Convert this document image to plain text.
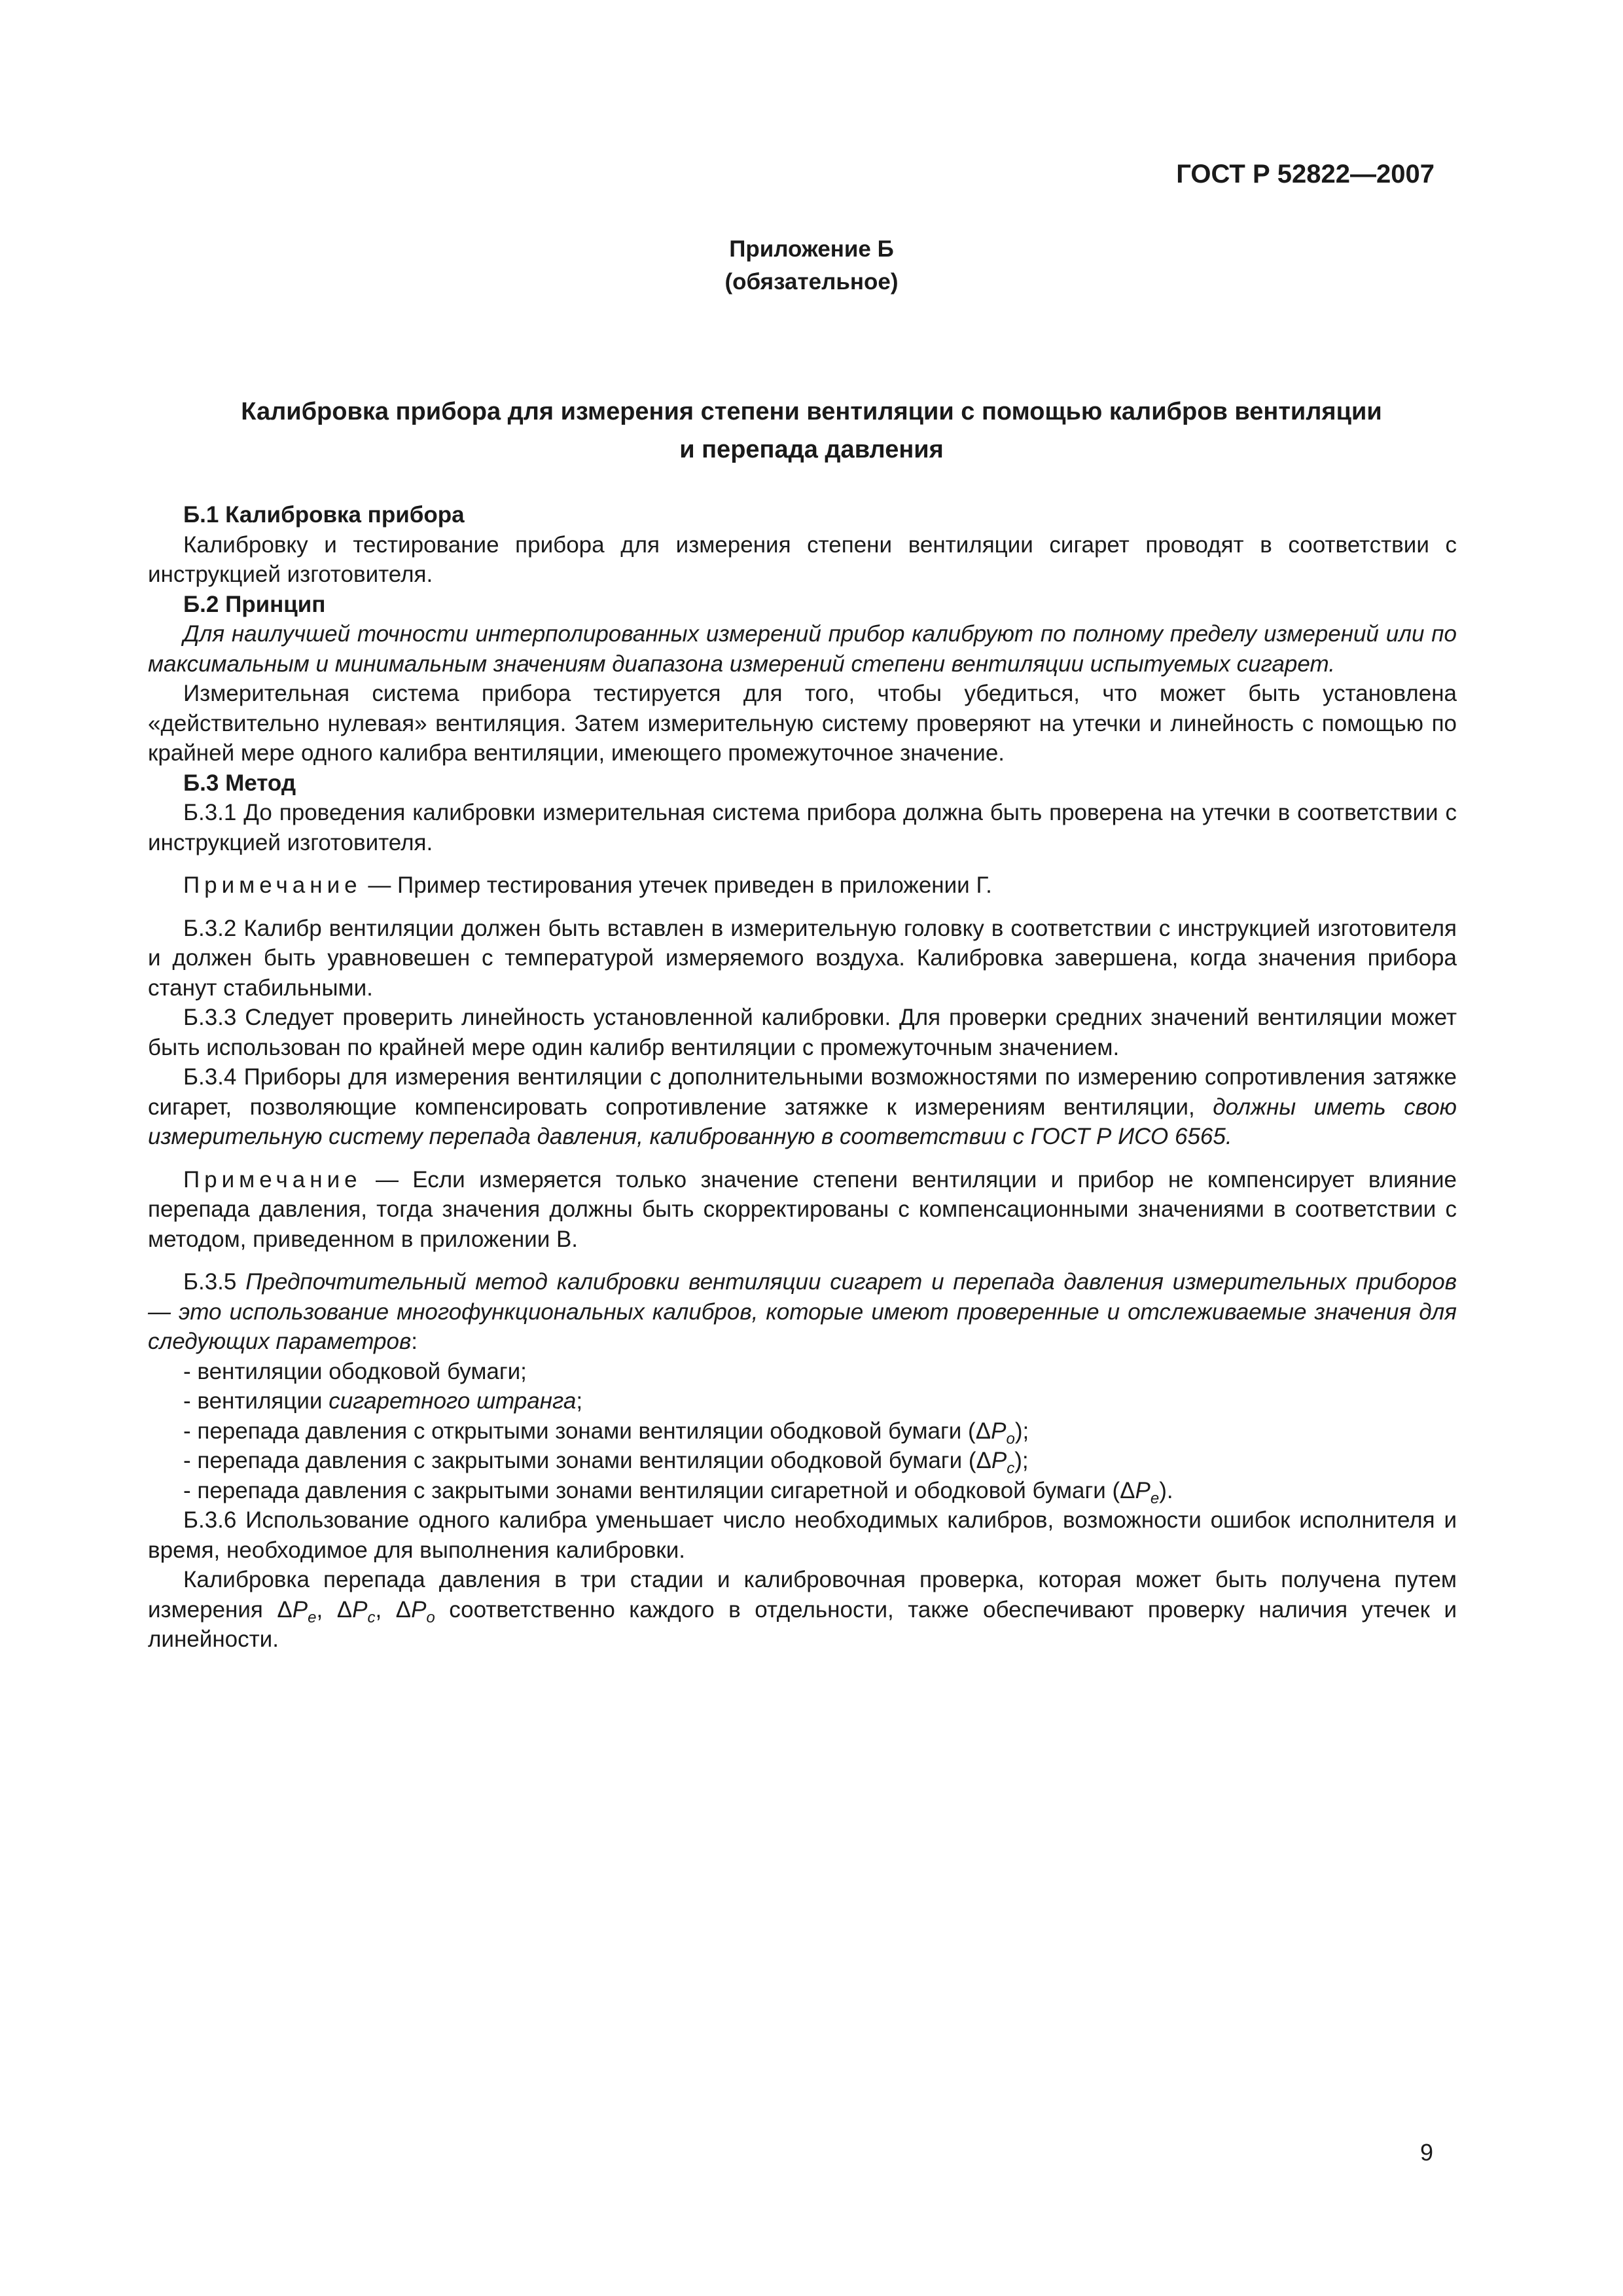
ГОСТ Р 52822—2007
Приложение Б
(обязательное)
Калибровка прибора для измерения степени вентиляции с помощью калибров вентиляции
и перепада давления

Б.1 Калибровка прибора

Калибровку и тестирование прибора для измерения степени вентиляции сигарет проводят в соответствии с инструкцией изготовителя.

Б.2 Принцип

Для наилучшей точности интерполированных измерений прибор калибруют по полному пределу измерений или по максимальным и минимальным значениям диапазона измерений степени вентиляции испытуемых сигарет.

Измерительная система прибора тестируется для того, чтобы убедиться, что может быть установлена «действительно нулевая» вентиляция. Затем измерительную систему проверяют на утечки и линейность с помощью по крайней мере одного калибра вентиляции, имеющего промежуточное значение.

Б.3 Метод

Б.3.1 До проведения калибровки измерительная система прибора должна быть проверена на утечки в соответствии с инструкцией изготовителя.

Примечание — Пример тестирования утечек приведен в приложении Г.

Б.3.2 Калибр вентиляции должен быть вставлен в измерительную головку в соответствии с инструкцией изготовителя и должен быть уравновешен с температурой измеряемого воздуха. Калибровка завершена, когда значения прибора станут стабильными.

Б.3.3 Следует проверить линейность установленной калибровки. Для проверки средних значений вентиляции может быть использован по крайней мере один калибр вентиляции с промежуточным значением.

Б.3.4 Приборы для измерения вентиляции с дополнительными возможностями по измерению сопротивления затяжке сигарет, позволяющие компенсировать сопротивление затяжке к измерениям вентиляции, должны иметь свою измерительную систему перепада давления, калиброванную в соответствии с ГОСТ Р ИСО 6565.

Примечание — Если измеряется только значение степени вентиляции и прибор не компенсирует влияние перепада давления, тогда значения должны быть скорректированы с компенсационными значениями в соответствии с методом, приведенном в приложении В.

Б.3.5 Предпочтительный метод калибровки вентиляции сигарет и перепада давления измерительных приборов — это использование многофункциональных калибров, которые имеют проверенные и отслеживаемые значения для следующих параметров:

- вентиляции ободковой бумаги;

- вентиляции сигаретного штранга;

- перепада давления с открытыми зонами вентиляции ободковой бумаги $(\Delta P_o)$;

- перепада давления с закрытыми зонами вентиляции ободковой бумаги $(\Delta P_c)$;

- перепада давления с закрытыми зонами вентиляции сигаретной и ободковой бумаги $(\Delta P_e)$.

Б.3.6 Использование одного калибра уменьшает число необходимых калибров, возможности ошибок исполнителя и время, необходимое для выполнения калибровки.

Калибровка перепада давления в три стадии и калибровочная проверка, которая может быть получена путем измерения $\Delta P_e$, $\Delta P_c$, $\Delta P_o$ соответственно каждого в отдельности, также обеспечивают проверку наличия утечек и линейности.

9
